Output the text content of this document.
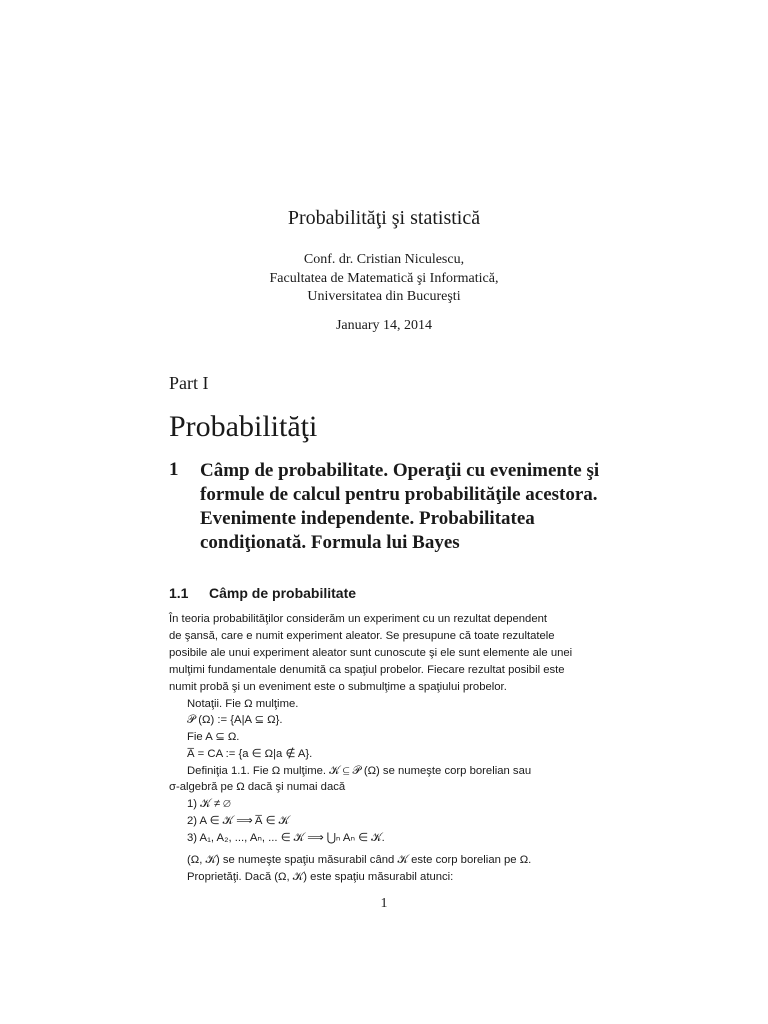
Probabilităţi şi statistică
Conf. dr. Cristian Niculescu,
Facultatea de Matematică şi Informatică,
Universitatea din Bucureşti
January 14, 2014
Part I
Probabilităţi
1 Câmp de probabilitate. Operaţii cu evenimente şi formule de calcul pentru probabilităţile acestora. Evenimente independente. Probabilitatea condiţionată. Formula lui Bayes
1.1 Câmp de probabilitate
În teoria probabilităţilor considerăm un experiment cu un rezultat dependent
de şansă, care e numit experiment aleator. Se presupune că toate rezultatele
posibile ale unui experiment aleator sunt cunoscute şi ele sunt elemente ale unei
mulţimi fundamentale denumită ca spaţiul probelor. Fiecare rezultat posibil este
numit probă şi un eveniment este o submulţime a spaţiului probelor.
Notaţii. Fie Ω mulţime.
𝒫 (Ω) := {A|A ⊆ Ω}.
Fie A ⊆ Ω.
A̅ = CA := {a ∈ Ω|a ∉ A}.
Definiţia 1.1. Fie Ω mulţime. 𝒦 ⊆ 𝒫 (Ω) se numeşte corp borelian sau
σ-algebră pe Ω dacă şi numai dacă
1) 𝒦 ≠ ∅
2) A ∈ 𝒦 ⟹ A̅ ∈ 𝒦
3) A₁, A₂, ..., Aₙ, ... ∈ 𝒦 ⟹ ⋃ₙ Aₙ ∈ 𝒦.
(Ω, 𝒦) se numeşte spaţiu măsurabil când 𝒦 este corp borelian pe Ω.
Proprietăţi. Dacă (Ω, 𝒦) este spaţiu măsurabil atunci:
1
